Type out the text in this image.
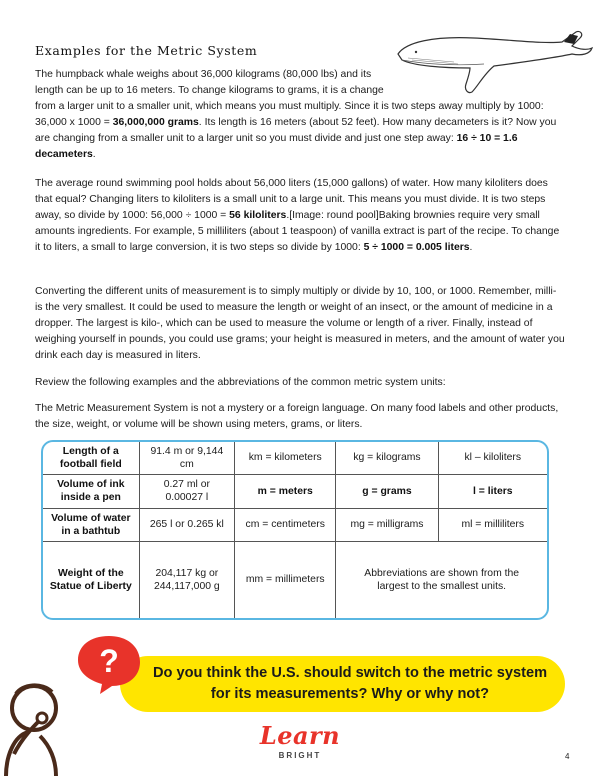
Examples for the Metric System
The humpback whale weighs about 36,000 kilograms (80,000 lbs) and its length can be up to 16 meters. To change kilograms to grams, it is a change
from a larger unit to a smaller unit, which means you must multiply. Since it is two steps away multiply by 1000: 36,000 x 1000 = 36,000,000 grams. Its length is 16 meters (about 52 feet). How many decameters is it? Now you are changing from a smaller unit to a larger unit so you must divide and just one step away: 16 ÷ 10 = 1.6 decameters.
The average round swimming pool holds about 56,000 liters (15,000 gallons) of water. How many kiloliters does that equal? Changing liters to kiloliters is a small unit to a large unit. This means you must divide. It is two steps away, so divide by 1000: 56,000 ÷ 1000 = 56 kiloliters.[Image: round pool]Baking brownies require very small amounts ingredients. For example, 5 milliliters (about 1 teaspoon) of vanilla extract is part of the recipe. To change it to liters, a small to large conversion, it is two steps so divide by 1000: 5 ÷ 1000 = 0.005 liters.
Converting the different units of measurement is to simply multiply or divide by 10, 100, or 1000. Remember, milli- is the very smallest. It could be used to measure the length or weight of an insect, or the amount of medicine in a dropper. The largest is kilo-, which can be used to measure the volume or length of a river. Finally, instead of weighing yourself in pounds, you could use grams; your height is measured in meters, and the amount of water you drink each day is measured in liters.
Review the following examples and the abbreviations of the common metric system units:
The Metric Measurement System is not a mystery or a foreign language. On many food labels and other products, the size, weight, or volume will be shown using meters, grams, or liters.
Length of a football field	91.4 m or 9,144 cm	km = kilometers	kg = kilograms	kl – kiloliters
Volume of ink inside a pen	0.27 ml or 0.00027 l	m = meters	g = grams	l = liters
Volume of water in a bathtub	265 l or 0.265 kl	cm = centimeters	mg = milligrams	ml = milliliters
Weight of the Statue of Liberty	204,117 kg or 244,117,000 g	mm = millimeters	Abbreviations are shown from the largest to the smallest units.	
? Do you think the U.S. should switch to the metric system for its measurements? Why or why not?
Learn
BRIGHT	4
